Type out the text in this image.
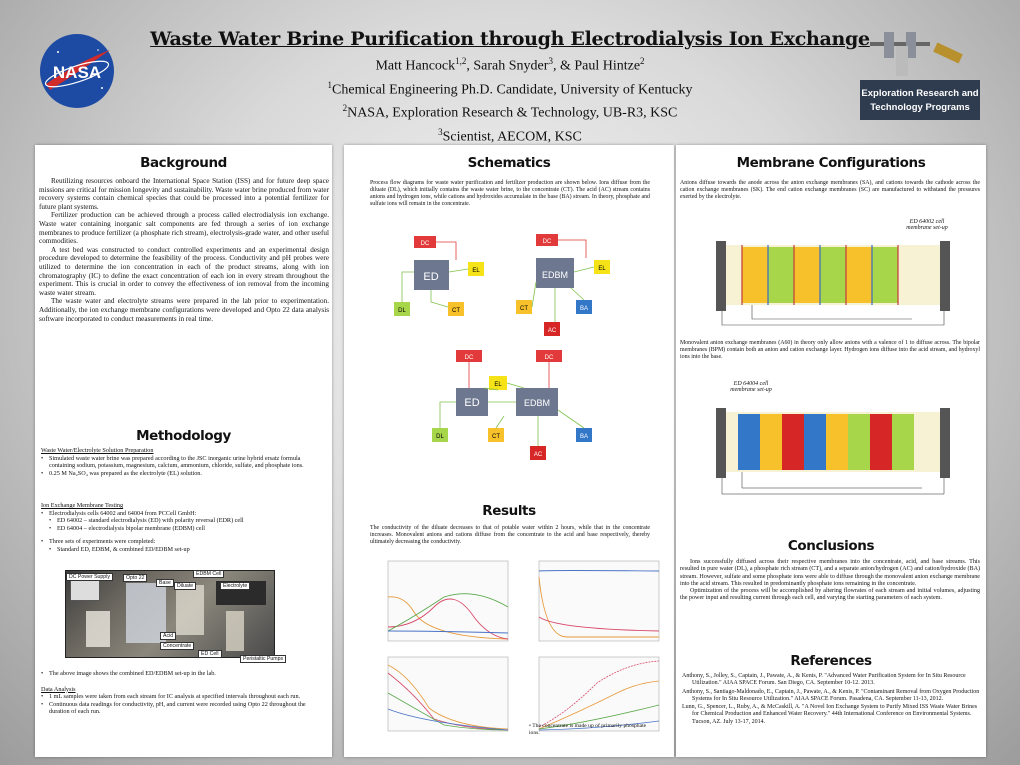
NASA
Waste Water Brine Purification through Electrodialysis Ion Exchange
Matt Hancock$^{1,2}$, Sarah Snyder$^3$, & Paul Hintze$^2$
$^1$Chemical Engineering Ph.D. Candidate, University of Kentucky
$^2$NASA, Exploration Research & Technology, UB-R3, KSC
$^3$Scientist, AECOM, KSC
Exploration Research and
Technology Programs
Background

Reutilizing resources onboard the International Space Station (ISS) and for future deep space missions are critical for mission longevity and sustainability. Waste water brine produced from water recovery systems contain chemical species that could be processed into a potential fertilizer for future plant systems.

Fertilizer production can be achieved through a process called electrodialysis ion exchange. Waste water containing inorganic salt components are fed through a series of ion exchange membranes to produce fertilizer (a phosphate rich stream), electrolysis-grade water, and other useful commodities.

A test bed was constructed to conduct controlled experiments and an experimental design procedure developed to determine the feasibility of the process. Conductivity and pH probes were utilized to determine the ion concentration in each of the product streams, along with ion chromatography (IC) to define the exact concentration of each ion in every stream throughout the experiment. This is crucial in order to convey the effectiveness of ion removal from the incoming waste water stream.

The waste water and electrolyte streams were prepared in the lab prior to experimentation. Additionally, the ion exchange membrane configurations were developed and Opto 22 data analysis software incorporated to conduct measurements in real time.

Methodology
Waste Water/Electrolyte Solution Preparation
• Simulated waste water brine was prepared according to the JSC inorganic urine hybrid ersatz formula containing sodium, potassium, magnesium, calcium, ammonium, chloride, sulfate, and phosphate ions.
• 0.25 M Na₂SO₄ was prepared as the electrolyte (EL) solution.
Ion Exchange Membrane Testing
• Electrodialysis cells 64002 and 64004 from PCCell GmbH:
• ED 64002 – standard electrodialysis (ED) with polarity reversal (EDR) cell
• ED 64004 – electrodialysis bipolar membrane (EDBM) cell
• Three sets of experiments were completed:
• Standard ED, EDBM, & combined ED/EDBM set-up
DC Power Supply	Opto 22
EDBM Cell
Base	Diluate	Electrolyte
Acid
Concentrate
ED Cell
Peristaltic Pumps
• The above image shows the combined ED/EDBM set-up in the lab.
Data Analysis
• 1 mL samples were taken from each stream for IC analysis at specified intervals throughout each run.
• Continuous data readings for conductivity, pH, and current were recorded using Opto 22 throughout the duration of each run.
Schematics
Process flow diagrams for waste water purification and fertilizer production are shown below. Ions diffuse from the diluate (DL), which initially contains the waste water brine, to the concentrate (CT). The acid (AC) stream contains anions and hydrogen ions, while cations and hydroxides accumulate in the base (BA) stream. In theory, phosphate and sulfate ions will remain in the concentrate.
DC
ED	EL
DL	CT
DC
EDBM
EL
CT	BA
AC
DC	DC
EL
ED	EDBM
DL	CT	BA
AC
Results
The conductivity of the diluate decreases to that of potable water within 2 hours, while that in the concentrate increases. Monovalent anions and cations diffuse from the concentrate to the acid and base respectively, thereby ultimately decreasing the conductivity.
• The concentrate is made up of primarily phosphate ions.
Membrane Configurations
Anions diffuse towards the anode across the anion exchange membranes (SA), and cations towards the cathode across the cation exchange membranes (SK). The end cation exchange membranes (SC) are manufactured to withstand the pressures exerted by the electrolyte.
ED 64002 cell
membrane set-up
Monovalent anion exchange membranes (A60) in theory only allow anions with a valence of 1 to diffuse across. The bipolar membranes (BPM) contain both an anion and cation exchange layer. Hydrogen ions diffuse into the acid stream, and hydroxyl ions into the base.
ED 64004 cell
membrane set-up
Conclusions

Ions successfully diffused across their respective membranes into the concentrate, acid, and base streams. This resulted in pure water (DL), a phosphate rich stream (CT), and a separate anion/hydrogen (AC) and cation/hydroxide (BA) stream. However, sulfate and some phosphate ions were able to diffuse through the monovalent anion exchange membrane into the acid stream. This resulted in predominantly phosphate ions remaining in the concentrate.

Optimization of the process will be accomplished by altering flowrates of each stream and initial volumes, adjusting the power input and resulting current through each cell, and varying the starting parameters of each system.

References

Anthony, S., Jolley, S., Captain, J., Pawate, A., & Kenis, P. "Advanced Water Purification System for In Situ Resource Utilization." AIAA SPACE Forum. San Diego, CA. September 10-12. 2013.

Anthony, S., Santiago-Maldonado, E., Captain, J., Pawate, A., & Kenis, P. "Contaminant Removal from Oxygen Production Systems for In Situ Resource Utilization." AIAA SPACE Forum. Pasadena, CA. September 11-13, 2012.

Lunn, G., Spencer, L., Ruby, A., & McCaskill, A. "A Novel Ion Exchange System to Purify Mixed ISS Waste Water Brines for Chemical Production and Enhanced Water Recovery." 44th International Conference on Environmental Systems. Tucson, AZ. July 13-17, 2014.
